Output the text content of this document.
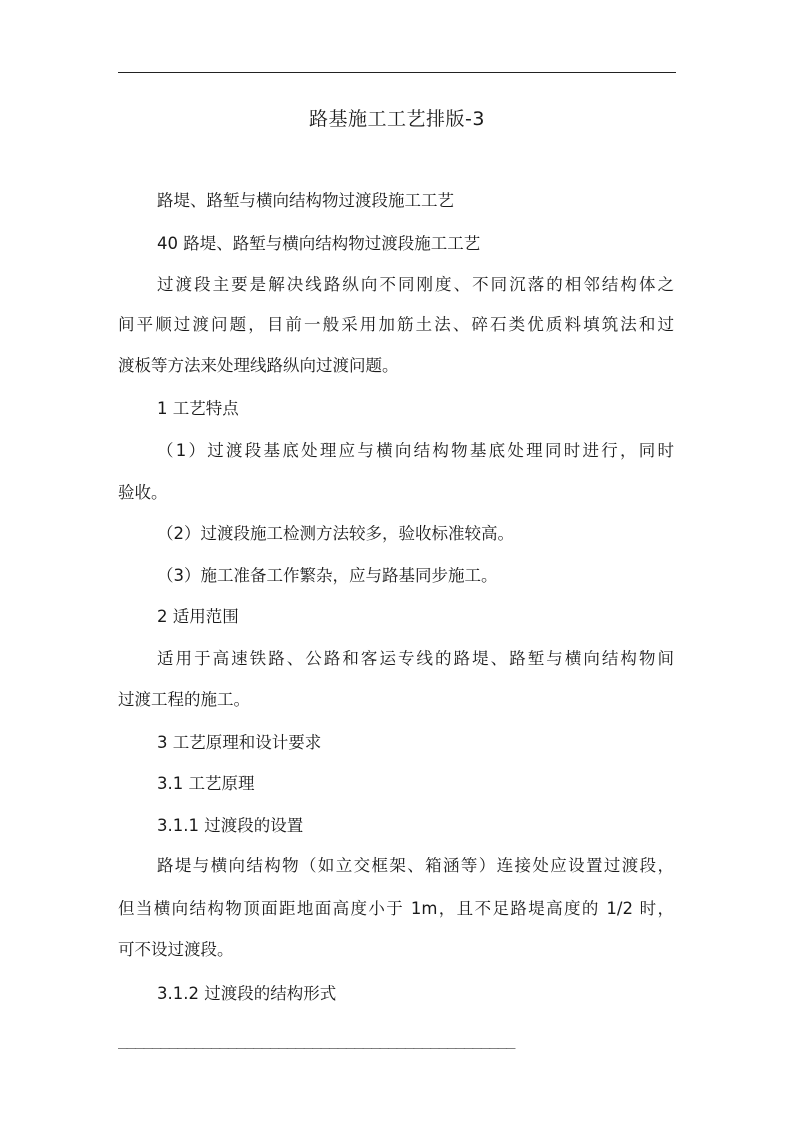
路基施工工艺排版-3
路堤、路堑与横向结构物过渡段施工工艺
40 路堤、路堑与横向结构物过渡段施工工艺
过渡段主要是解决线路纵向不同刚度、不同沉落的相邻结构体之
间平顺过渡问题，目前一般采用加筋土法、碎石类优质料填筑法和过
渡板等方法来处理线路纵向过渡问题。
1 工艺特点
（1）过渡段基底处理应与横向结构物基底处理同时进行，同时
验收。
（2）过渡段施工检测方法较多，验收标准较高。
（3）施工准备工作繁杂，应与路基同步施工。
2 适用范围
适用于高速铁路、公路和客运专线的路堤、路堑与横向结构物间
过渡工程的施工。
3 工艺原理和设计要求
3.1 工艺原理
3.1.1 过渡段的设置
路堤与横向结构物（如立交框架、箱涵等）连接处应设置过渡段，
但当横向结构物顶面距地面高度小于 1m，且不足路堤高度的 1/2 时，
可不设过渡段。
3.1.2 过渡段的结构形式
_______________________________________________
